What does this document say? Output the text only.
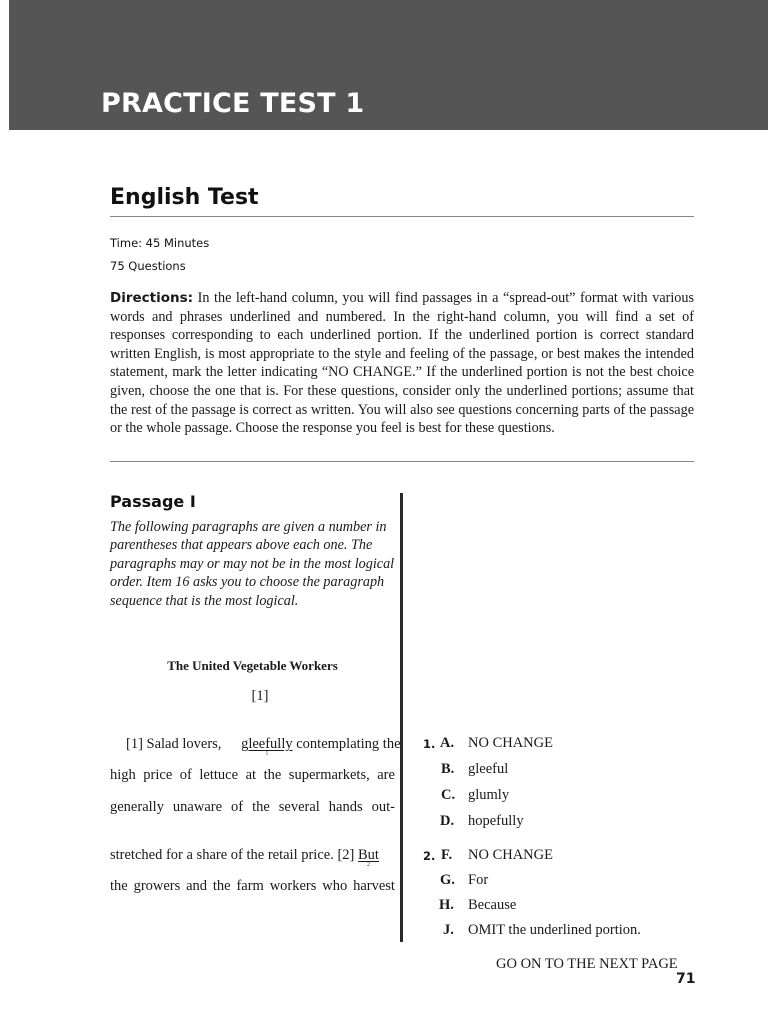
PRACTICE TEST 1
English Test
Time: 45 Minutes
75 Questions
Directions: In the left-hand column, you will find passages in a “spread-out” format with various words and phrases underlined and numbered. In the right-hand column, you will find a set of responses corresponding to each underlined portion. If the underlined portion is correct standard written English, is most appropriate to the style and feeling of the passage, or best makes the intended statement, mark the letter indicating “NO CHANGE.” If the underlined portion is not the best choice given, choose the one that is. For these questions, consider only the underlined portions; assume that the rest of the passage is correct as written. You will also see questions concerning parts of the passage or the whole passage. Choose the response you feel is best for these questions.
Passage I
The following paragraphs are given a number in parentheses that appears above each one. The paragraphs may or may not be in the most logical order. Item 16 asks you to choose the paragraph sequence that is the most logical.
The United Vegetable Workers
[1]
[1] Salad lovers, gleefully
1
contemplating the
high price of lettuce at the supermarkets, are
generally unaware of the several hands out-
stretched for a share of the retail price. [2] But
2
the growers and the farm workers who harvest
1. A. NO CHANGE
B. gleeful
C. glumly
D. hopefully
2. F. NO CHANGE
G. For
H. Because
J. OMIT the underlined portion.
GO ON TO THE NEXT PAGE
71
